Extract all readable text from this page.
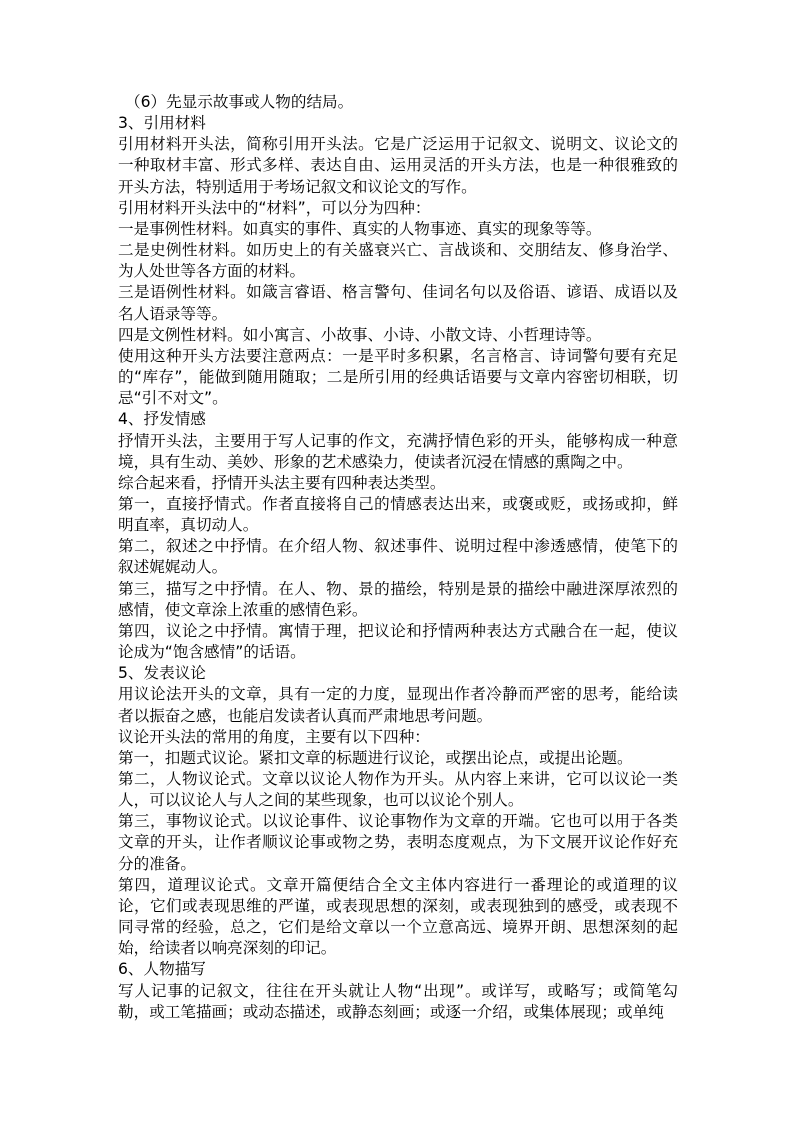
（6）先显示故事或人物的结局。

3、引用材料

引用材料开头法，简称引用开头法。它是广泛运用于记叙文、说明文、议论文的一种取材丰富、形式多样、表达自由、运用灵活的开头方法，也是一种很雅致的开头方法，特别适用于考场记叙文和议论文的写作。

引用材料开头法中的“材料”，可以分为四种：

一是事例性材料。如真实的事件、真实的人物事迹、真实的现象等等。

二是史例性材料。如历史上的有关盛衰兴亡、言战谈和、交朋结友、修身治学、为人处世等各方面的材料。

三是语例性材料。如箴言睿语、格言警句、佳词名句以及俗语、谚语、成语以及名人语录等等。

四是文例性材料。如小寓言、小故事、小诗、小散文诗、小哲理诗等。

使用这种开头方法要注意两点：一是平时多积累，名言格言、诗词警句要有充足的“库存”，能做到随用随取；二是所引用的经典话语要与文章内容密切相联，切忌“引不对文”。

4、抒发情感

抒情开头法，主要用于写人记事的作文，充满抒情色彩的开头，能够构成一种意境，具有生动、美妙、形象的艺术感染力，使读者沉浸在情感的熏陶之中。

综合起来看，抒情开头法主要有四种表达类型。

第一，直接抒情式。作者直接将自己的情感表达出来，或褒或贬，或扬或抑，鲜明直率，真切动人。

第二，叙述之中抒情。在介绍人物、叙述事件、说明过程中渗透感情，使笔下的叙述娓娓动人。

第三，描写之中抒情。在人、物、景的描绘，特别是景的描绘中融进深厚浓烈的感情，使文章涂上浓重的感情色彩。

第四，议论之中抒情。寓情于理，把议论和抒情两种表达方式融合在一起，使议论成为“饱含感情”的话语。

5、发表议论

用议论法开头的文章，具有一定的力度，显现出作者冷静而严密的思考，能给读者以振奋之感，也能启发读者认真而严肃地思考问题。

议论开头法的常用的角度，主要有以下四种：

第一，扣题式议论。紧扣文章的标题进行议论，或摆出论点，或提出论题。

第二，人物议论式。文章以议论人物作为开头。从内容上来讲，它可以议论一类人，可以议论人与人之间的某些现象，也可以议论个别人。

第三，事物议论式。以议论事件、议论事物作为文章的开端。它也可以用于各类文章的开头，让作者顺议论事或物之势，表明态度观点，为下文展开议论作好充分的准备。

第四，道理议论式。文章开篇便结合全文主体内容进行一番理论的或道理的议论，它们或表现思维的严谨，或表现思想的深刻，或表现独到的感受，或表现不同寻常的经验，总之，它们是给文章以一个立意高远、境界开朗、思想深刻的起始，给读者以响亮深刻的印记。

6、人物描写

写人记事的记叙文，往往在开头就让人物“出现”。或详写，或略写；或简笔勾勒，或工笔描画；或动态描述，或静态刻画；或逐一介绍，或集体展现；或单纯
